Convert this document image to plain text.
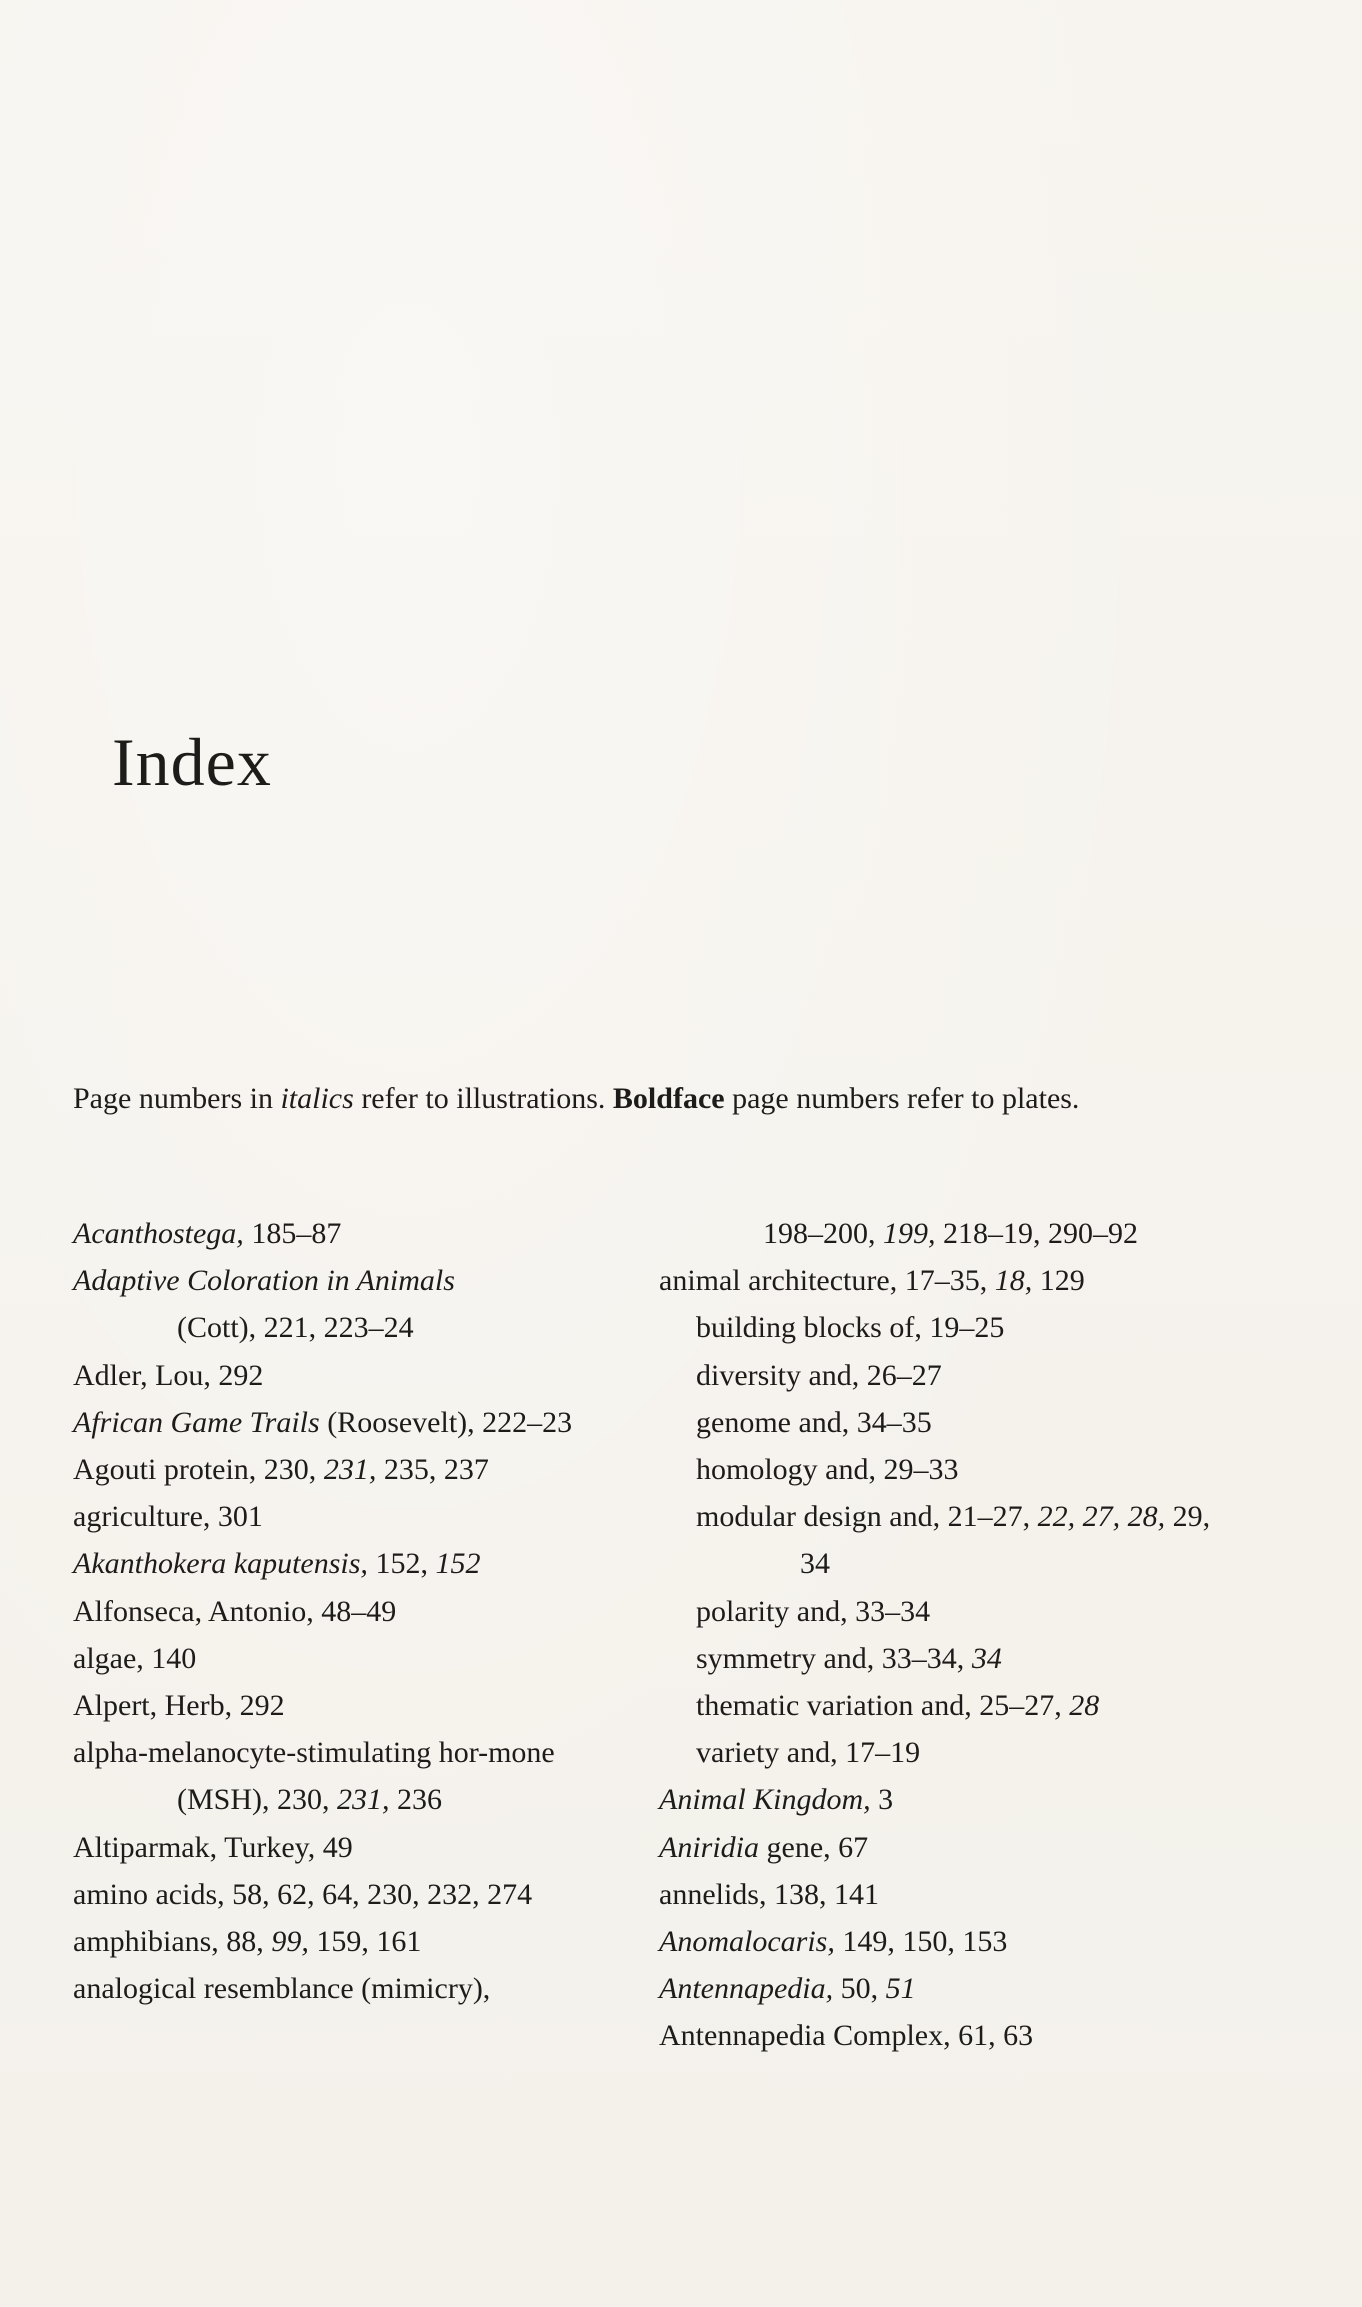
Index

Page numbers in italics refer to illustrations. Boldface page numbers refer to plates.

Acanthostega, 185–87

Adaptive Coloration in Animals
(Cott), 221, 223–24

Adler, Lou, 292

African Game Trails (Roosevelt), 222–23

Agouti protein, 230, 231, 235, 237

agriculture, 301

Akanthokera kaputensis, 152, 152

Alfonseca, Antonio, 48–49

algae, 140

Alpert, Herb, 292

alpha-melanocyte-stimulating hor-mone (MSH), 230, 231, 236

Altiparmak, Turkey, 49

amino acids, 58, 62, 64, 230, 232, 274

amphibians, 88, 99, 159, 161

analogical resemblance (mimicry),

198–200, 199, 218–19, 290–92

animal architecture, 17–35, 18, 129

building blocks of, 19–25

diversity and, 26–27

genome and, 34–35

homology and, 29–33

modular design and, 21–27, 22, 27, 28, 29, 34

polarity and, 33–34

symmetry and, 33–34, 34

thematic variation and, 25–27, 28

variety and, 17–19

Animal Kingdom, 3

Aniridia gene, 67

annelids, 138, 141

Anomalocaris, 149, 150, 153

Antennapedia, 50, 51

Antennapedia Complex, 61, 63
